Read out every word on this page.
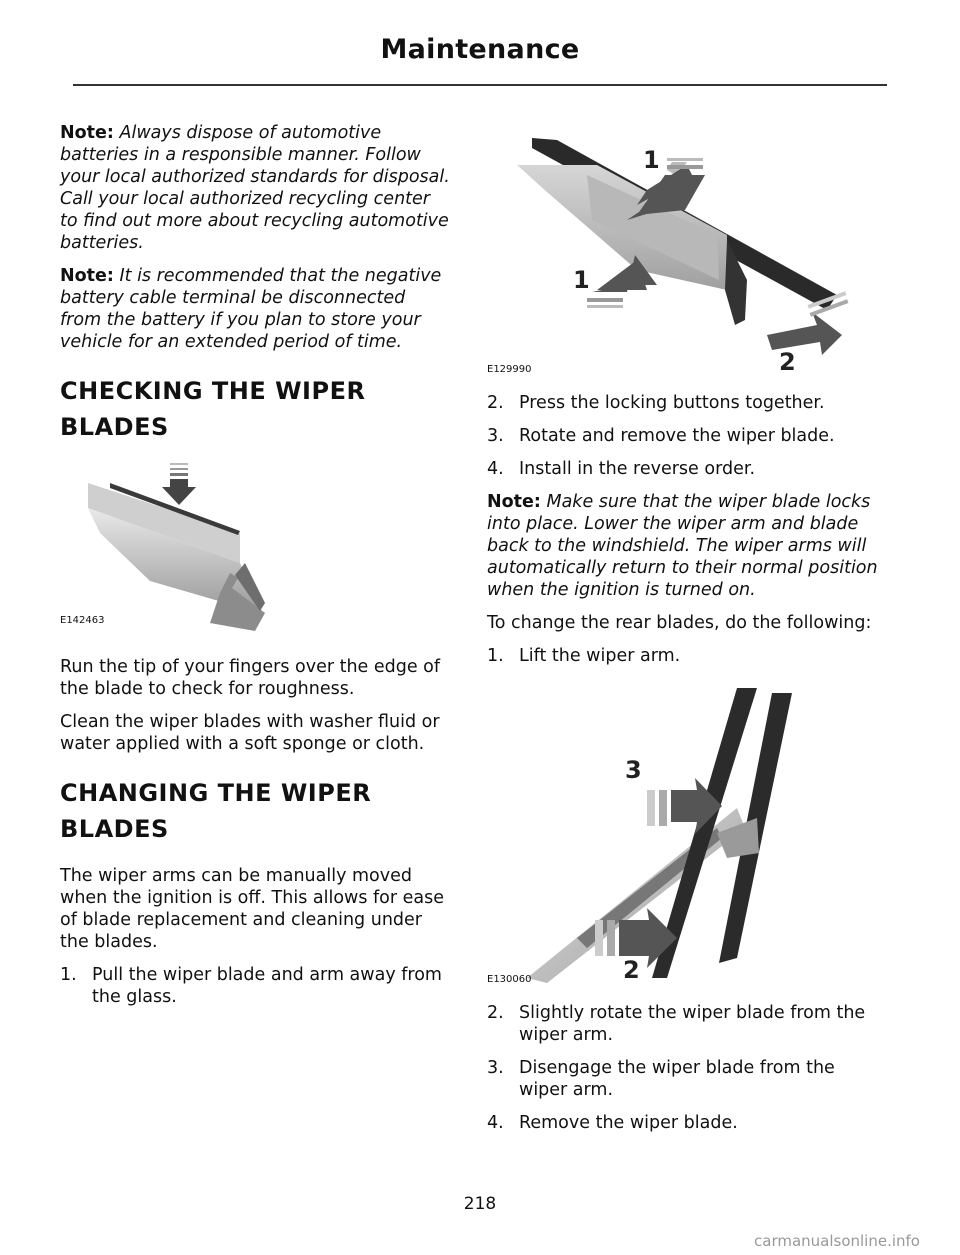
Maintenance

Note: Always dispose of automotive batteries in a responsible manner. Follow your local authorized standards for disposal. Call your local authorized recycling center to find out more about recycling automotive batteries.

Note: It is recommended that the negative battery cable terminal be disconnected from the battery if you plan to store your vehicle for an extended period of time.

CHECKING THE WIPER BLADES
E142463

Run the tip of your fingers over the edge of the blade to check for roughness.

Clean the wiper blades with washer fluid or water applied with a soft sponge or cloth.

CHANGING THE WIPER BLADES

The wiper arms can be manually moved when the ignition is off. This allows for ease of blade replacement and cleaning under the blades.

1. Pull the wiper blade and arm away from the glass.
1
1
2
E129990
2. Press the locking buttons together.
3. Rotate and remove the wiper blade.
4. Install in the reverse order.

Note: Make sure that the wiper blade locks into place. Lower the wiper arm and blade back to the windshield. The wiper arms will automatically return to their normal position when the ignition is turned on.

To change the rear blades, do the following:

1. Lift the wiper arm.
3
2
E130060
2. Slightly rotate the wiper blade from the wiper arm.
3. Disengage the wiper blade from the wiper arm.
4. Remove the wiper blade.
218
carmanualsonline.info
